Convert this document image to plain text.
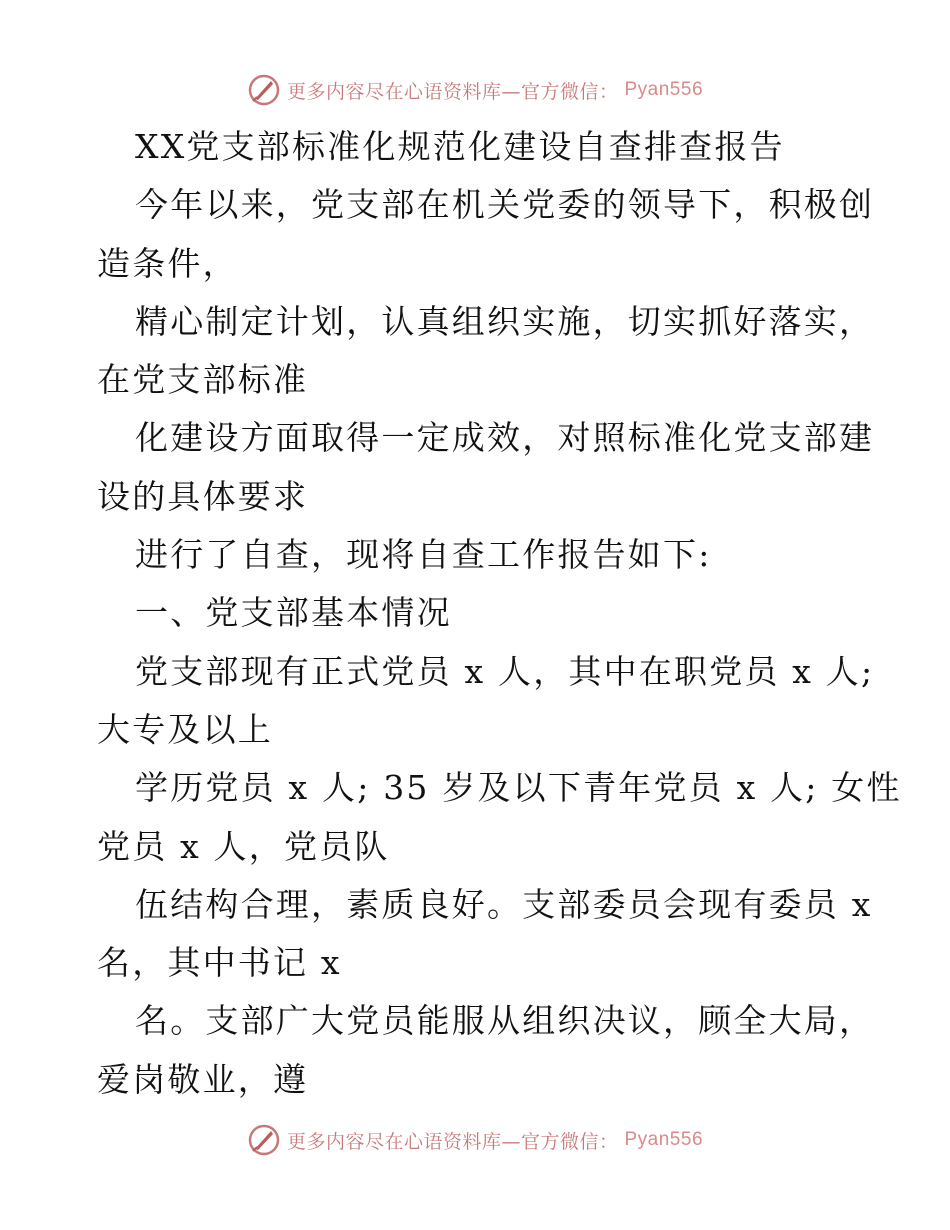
更多内容尽在心语资料库—官方微信： Pyan556
XX党支部标准化规范化建设自查排查报告
今年以来，党支部在机关党委的领导下，积极创
造条件，
精心制定计划，认真组织实施，切实抓好落实，
在党支部标准
化建设方面取得一定成效，对照标准化党支部建
设的具体要求
进行了自查，现将自查工作报告如下:
一、党支部基本情况
党支部现有正式党员 x 人，其中在职党员 x 人;
大专及以上
学历党员 x 人; 35 岁及以下青年党员 x 人; 女性
党员 x 人，党员队
伍结构合理，素质良好。支部委员会现有委员 x
名，其中书记 x
名。支部广大党员能服从组织决议，顾全大局，
爱岗敬业，遵
更多内容尽在心语资料库—官方微信： Pyan556
